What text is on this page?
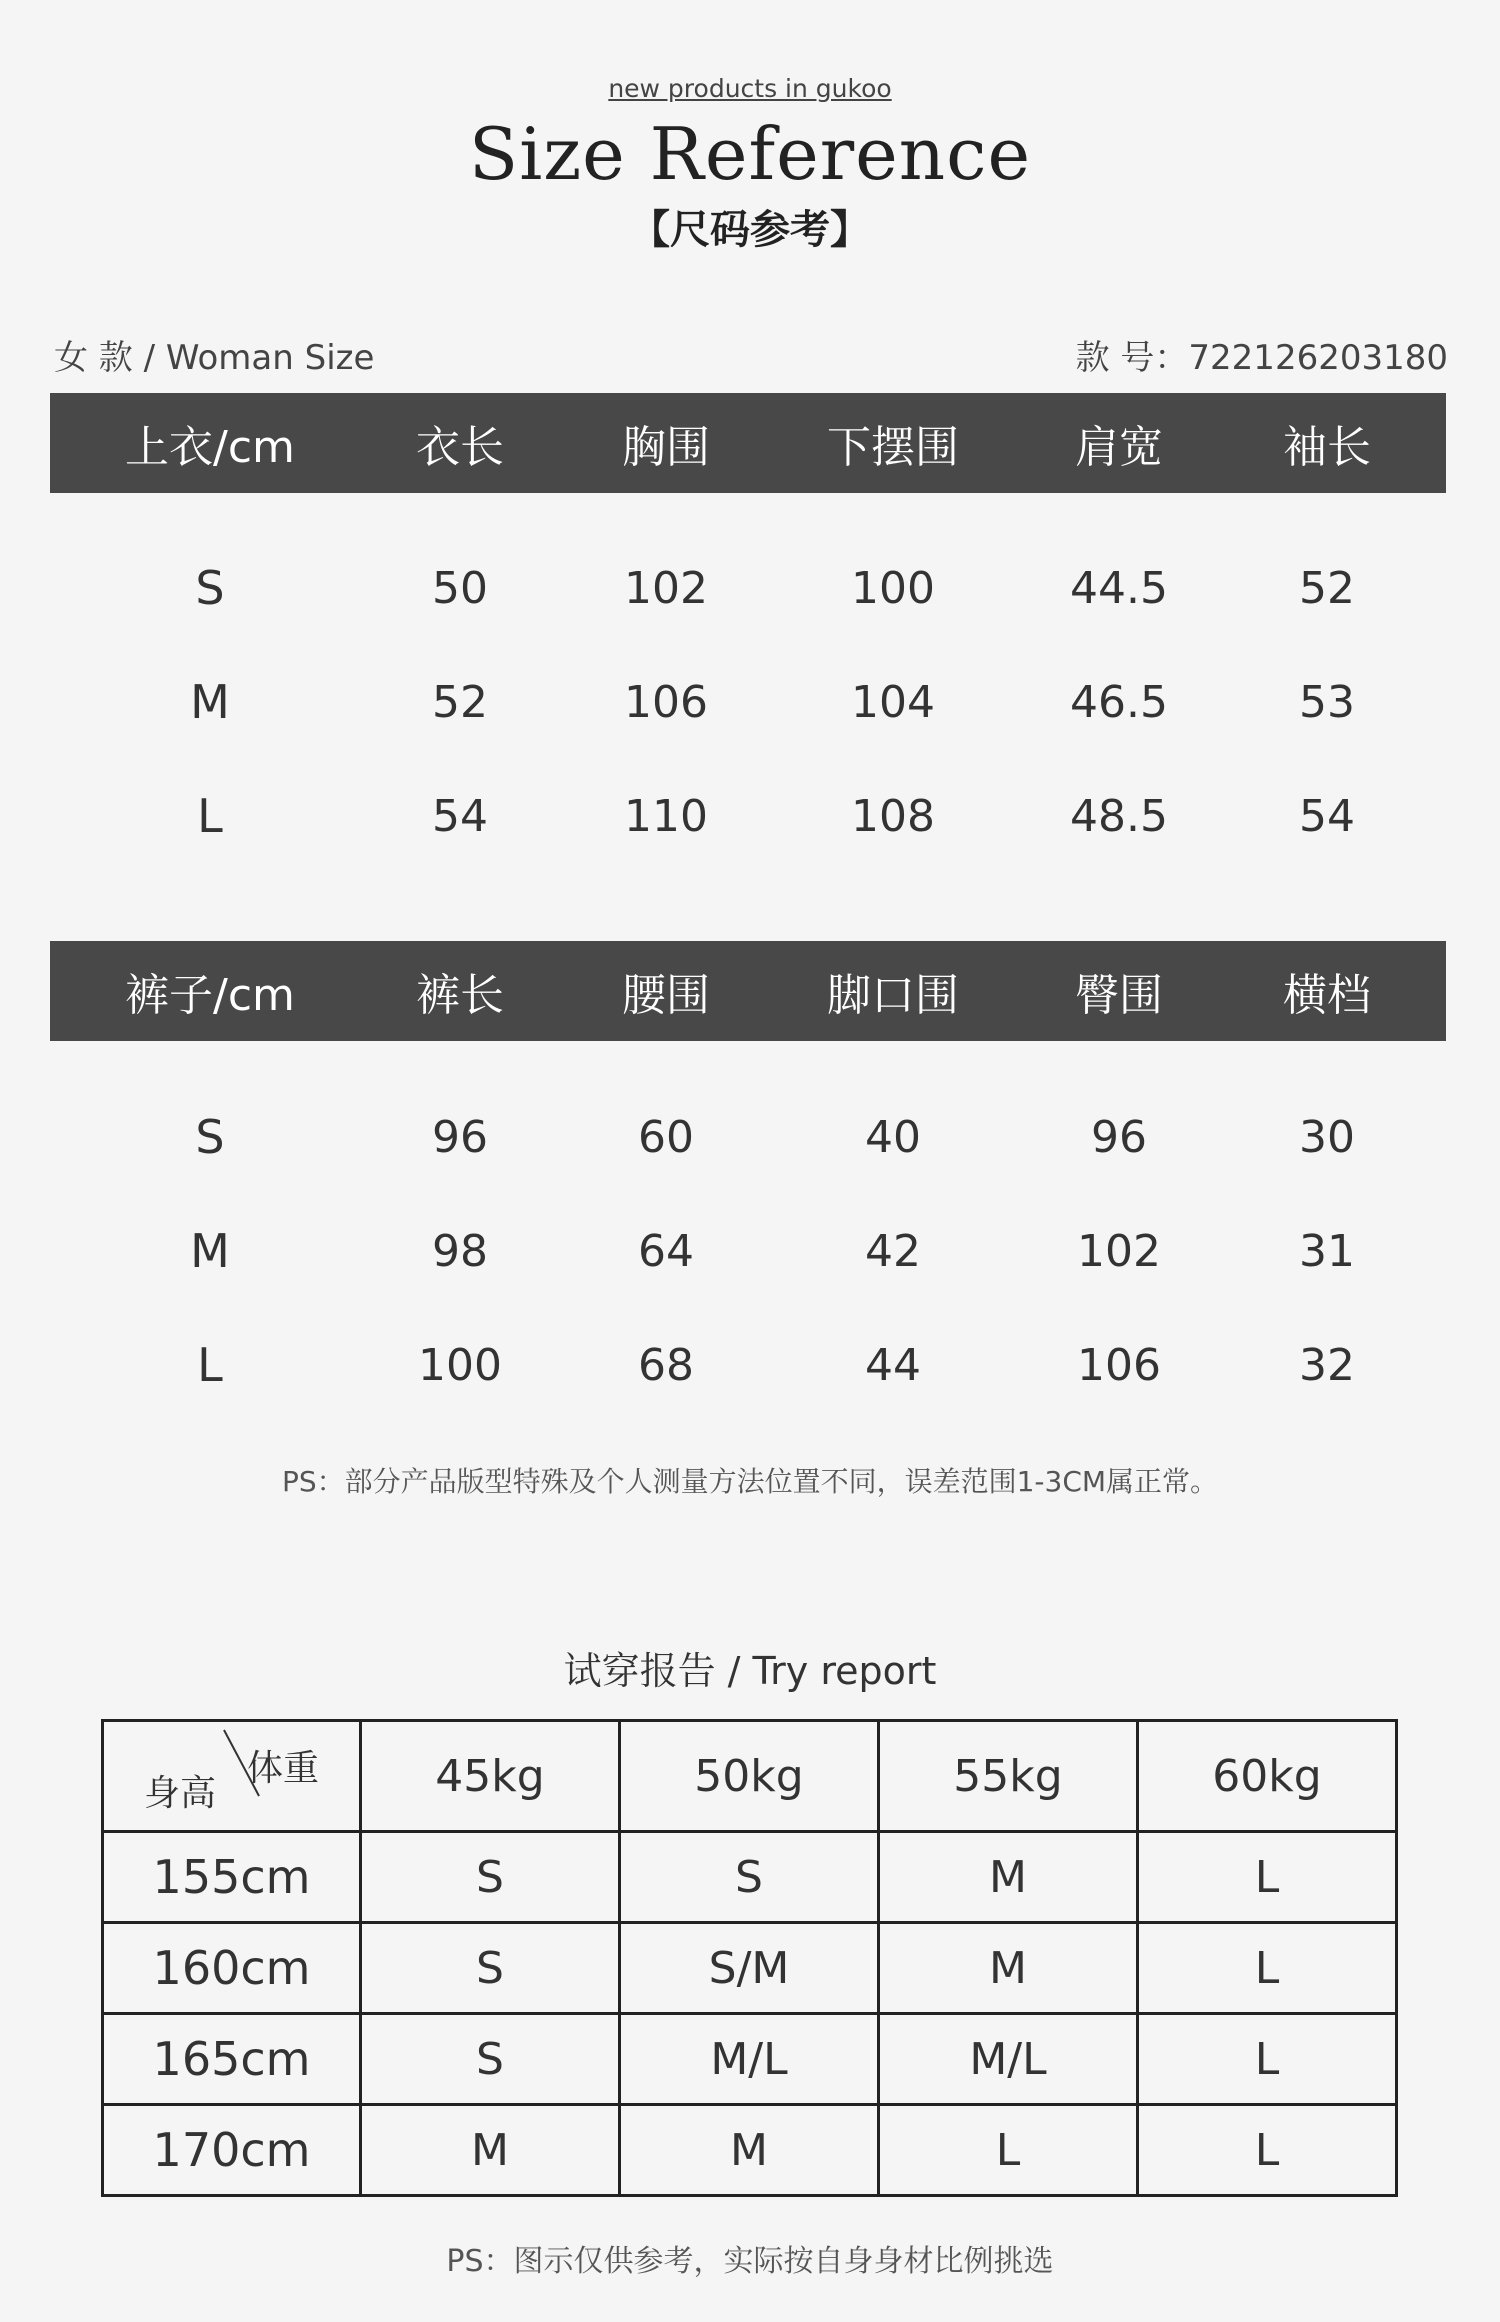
new products in gukoo
Size Reference
【尺码参考】
女 款 / Woman Size	款 号：722126203180
上衣/cm	衣长	胸围	下摆围	肩宽	袖长
S	50	102	100	44.5	52
M	52	106	104	46.5	53
L	54	110	108	48.5	54
裤子/cm	裤长	腰围	脚口围	臀围	横档
S	96	60	40	96	30
M	98	64	42	102	31
L	100	68	44	106	32
PS：部分产品版型特殊及个人测量方法位置不同，误差范围1-3CM属正常。
试穿报告 / Try report
体重
身高	45kg	50kg	55kg	60kg
155cm	S	S	M	L
160cm	S	S/M	M	L
165cm	S	M/L	M/L	L
170cm	M	M	L	L
PS：图示仅供参考，实际按自身身材比例挑选
